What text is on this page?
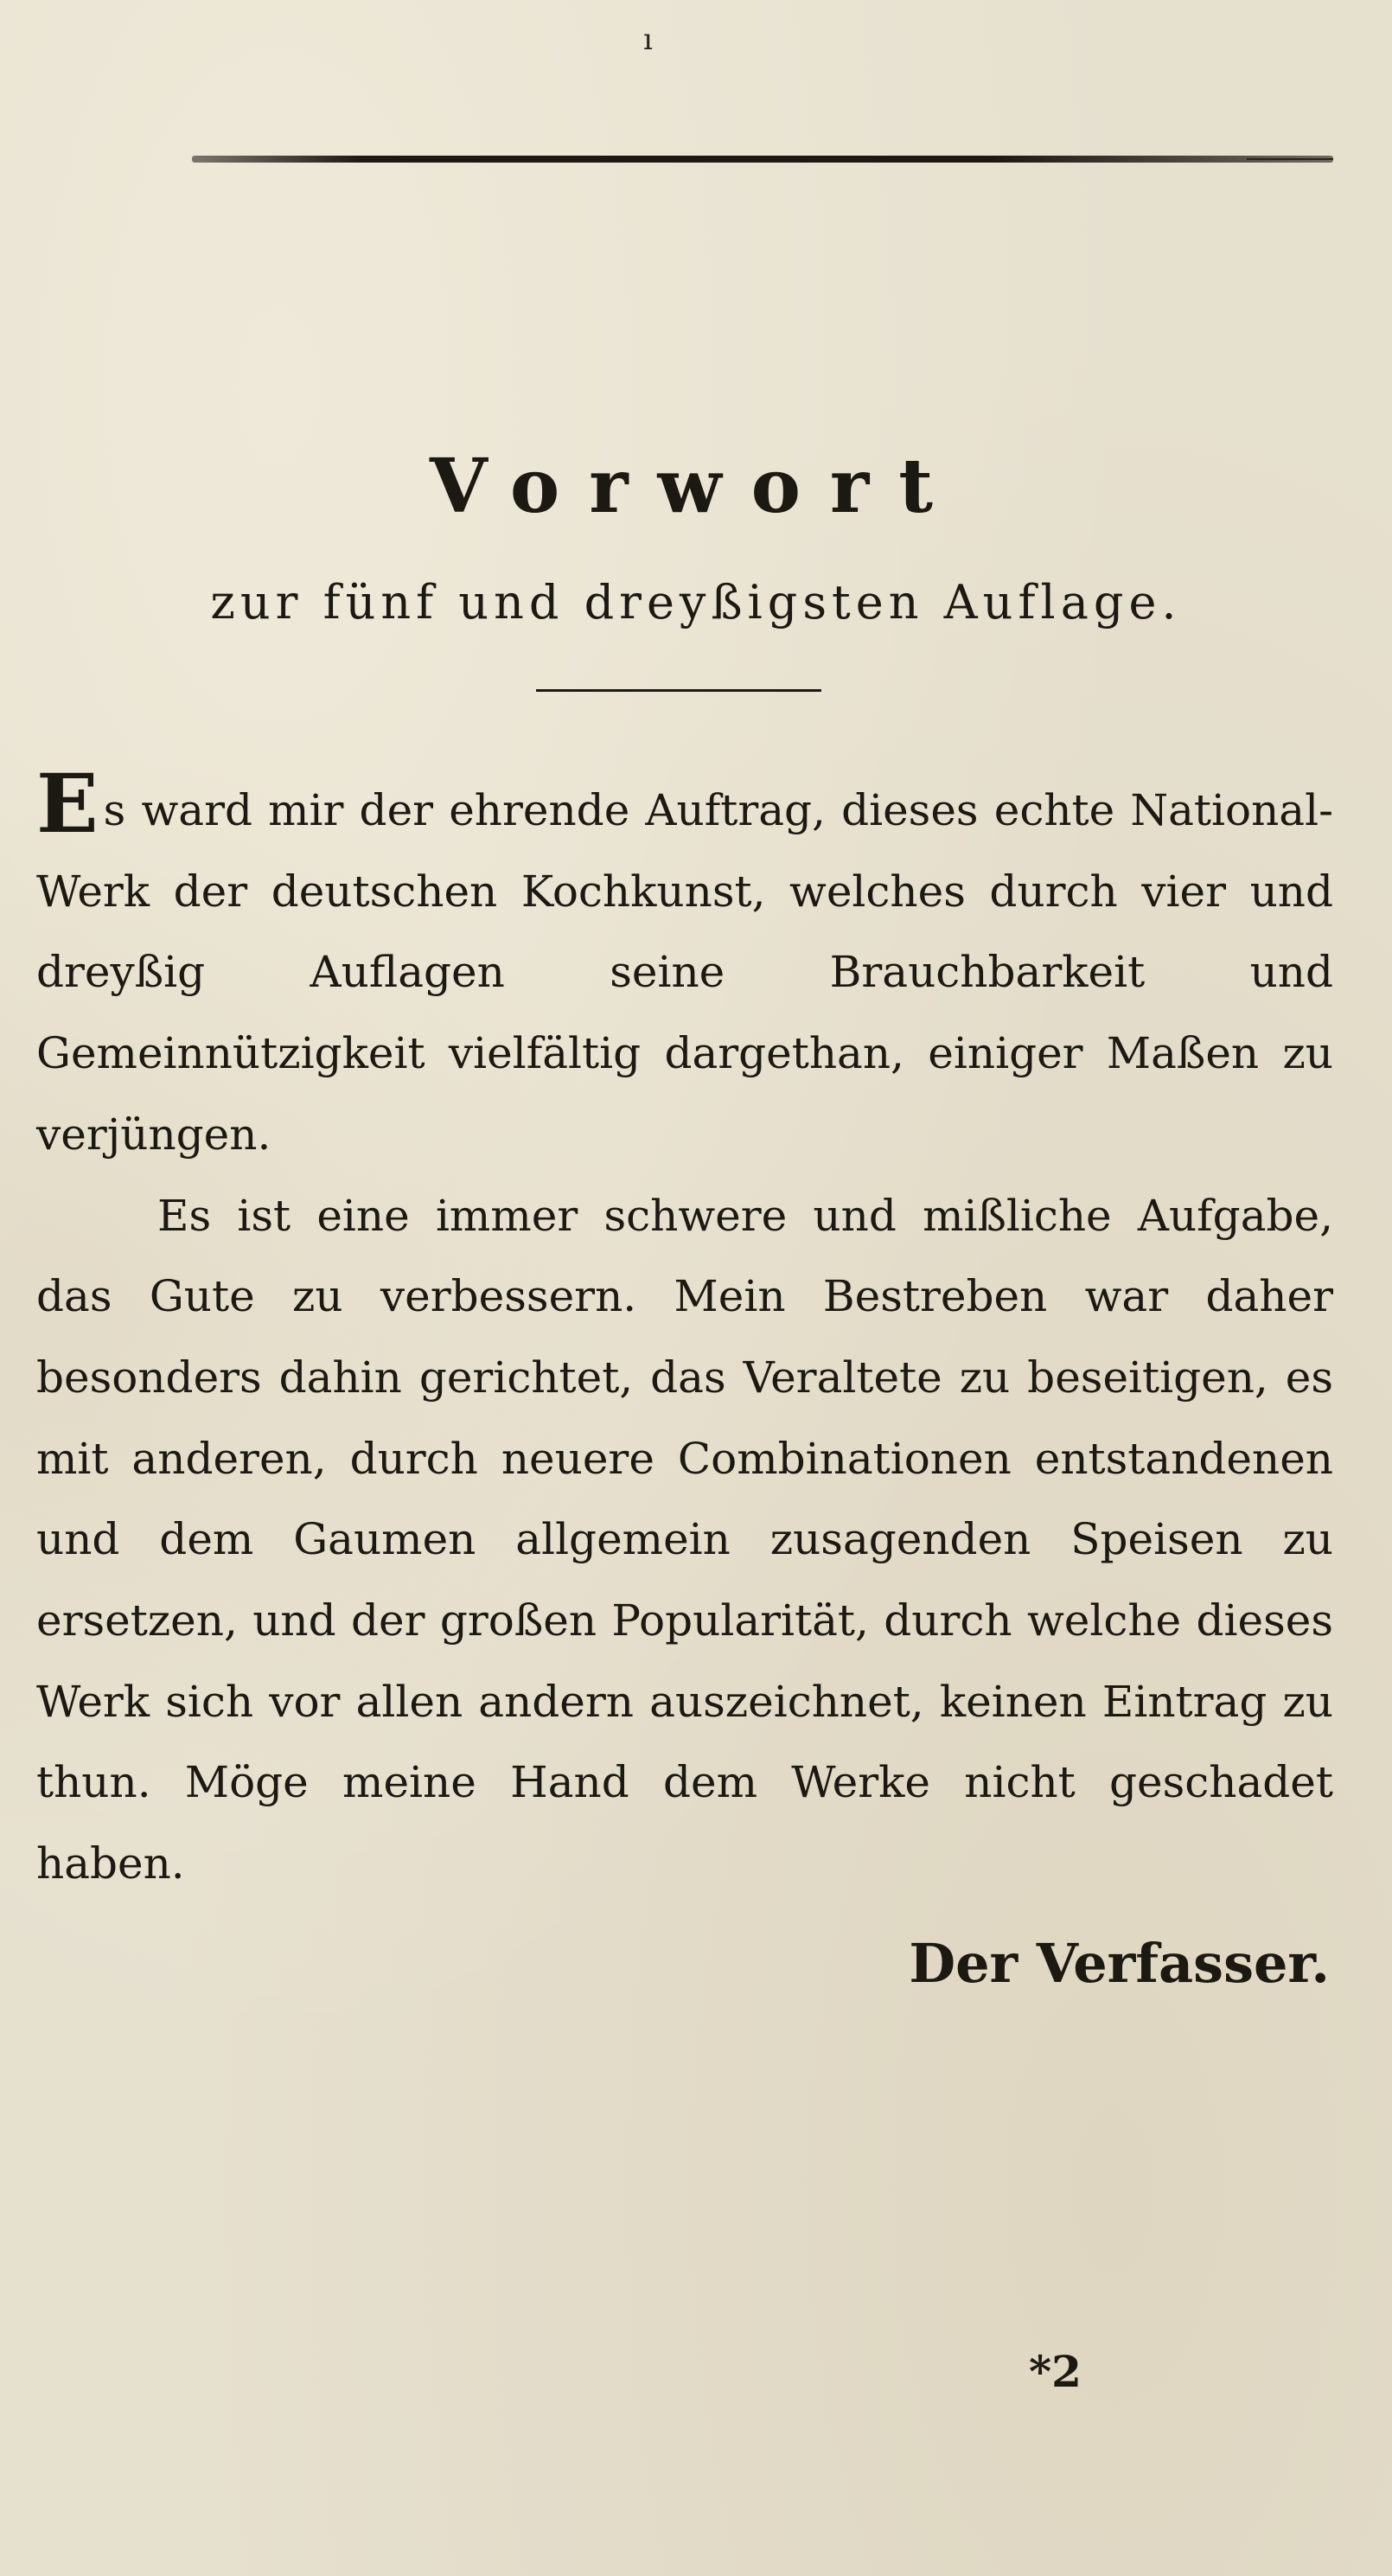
ı
Vorwort
zur fünf und dreyßigsten Auflage.

Es ward mir der ehrende Auftrag, dieses echte National-Werk der deutschen Kochkunst, welches durch vier und dreyßig Auflagen seine Brauchbarkeit und Gemeinnützigkeit vielfältig dargethan, einiger Maßen zu verjüngen.

Es ist eine immer schwere und mißliche Aufgabe, das Gute zu verbessern. Mein Bestreben war daher besonders dahin gerichtet, das Veraltete zu beseitigen, es mit anderen, durch neuere Combinationen entstandenen und dem Gaumen allgemein zusagenden Speisen zu ersetzen, und der großen Popularität, durch welche dieses Werk sich vor allen andern auszeichnet, keinen Eintrag zu thun. Möge meine Hand dem Werke nicht geschadet haben.

Der Verfasser.
*2
